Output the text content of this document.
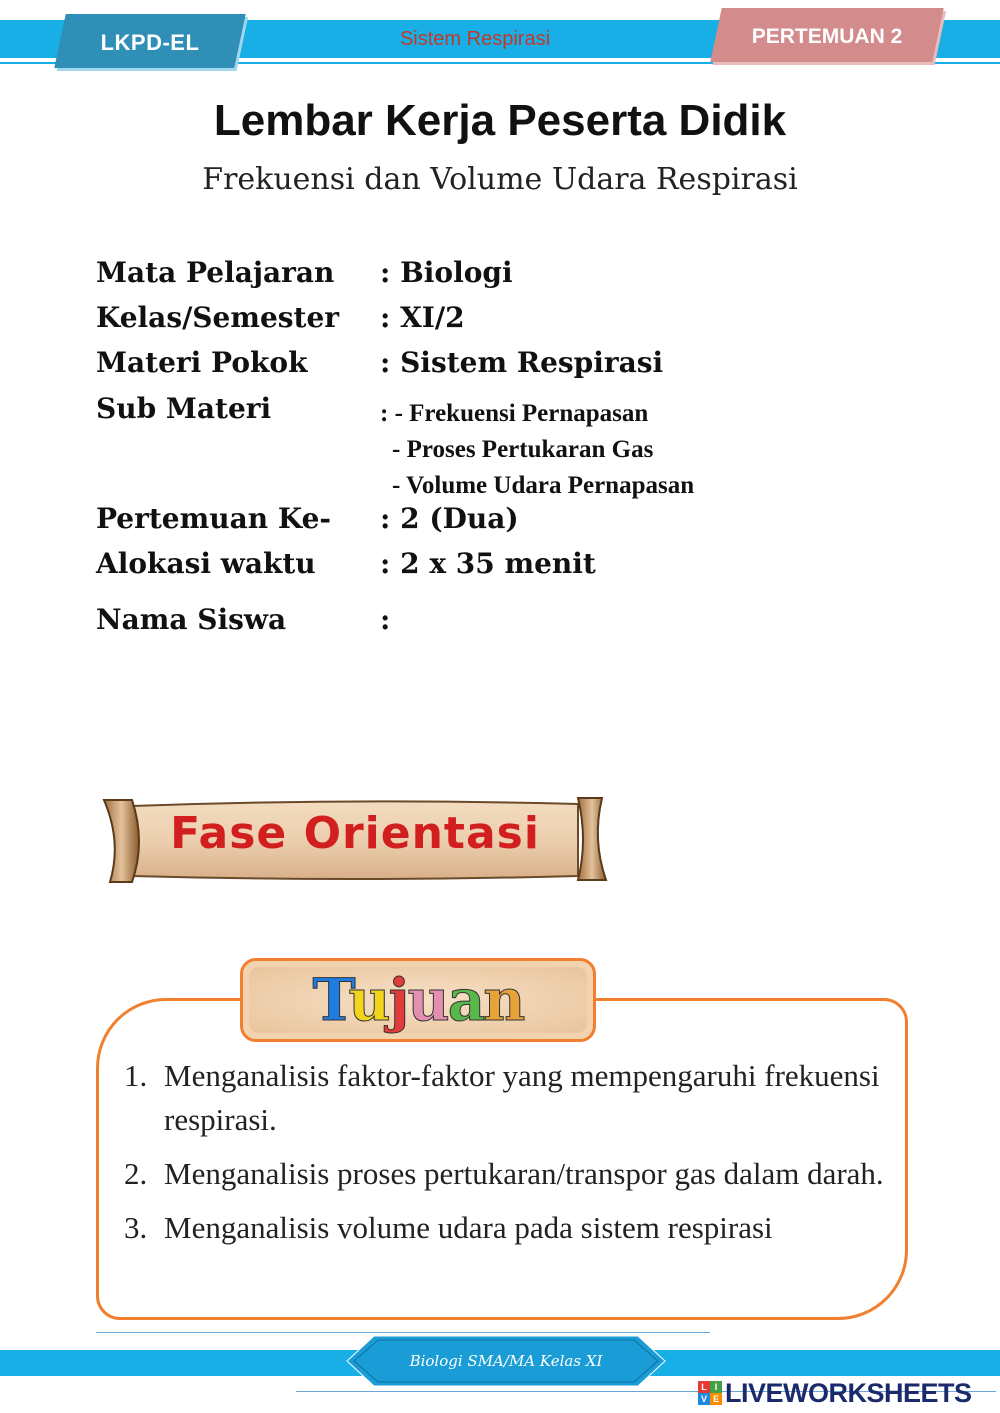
LKPD-EL	Sistem Respirasi	PERTEMUAN 2
Lembar Kerja Peserta Didik
Frekuensi dan Volume Udara Respirasi
Mata Pelajaran : Biologi
Kelas/Semester : XI/2
Materi Pokok	: Sistem Respirasi
Sub Materi	: - Frekuensi Pernapasan
- Proses Pertukaran Gas
- Volume Udara Pernapasan
Pertemuan Ke- : 2 (Dua)
Alokasi waktu : 2 x 35 menit
Nama Siswa	:
Fase Orientasi
Tujuan
1. Menganalisis faktor-faktor yang mempengaruhi frekuensi respirasi.
2. Menganalisis proses pertukaran/transpor gas dalam darah.
3. Menganalisis volume udara pada sistem respirasi
Biologi SMA/MA Kelas XI
L I
V E LIVEWORKSHEETS
